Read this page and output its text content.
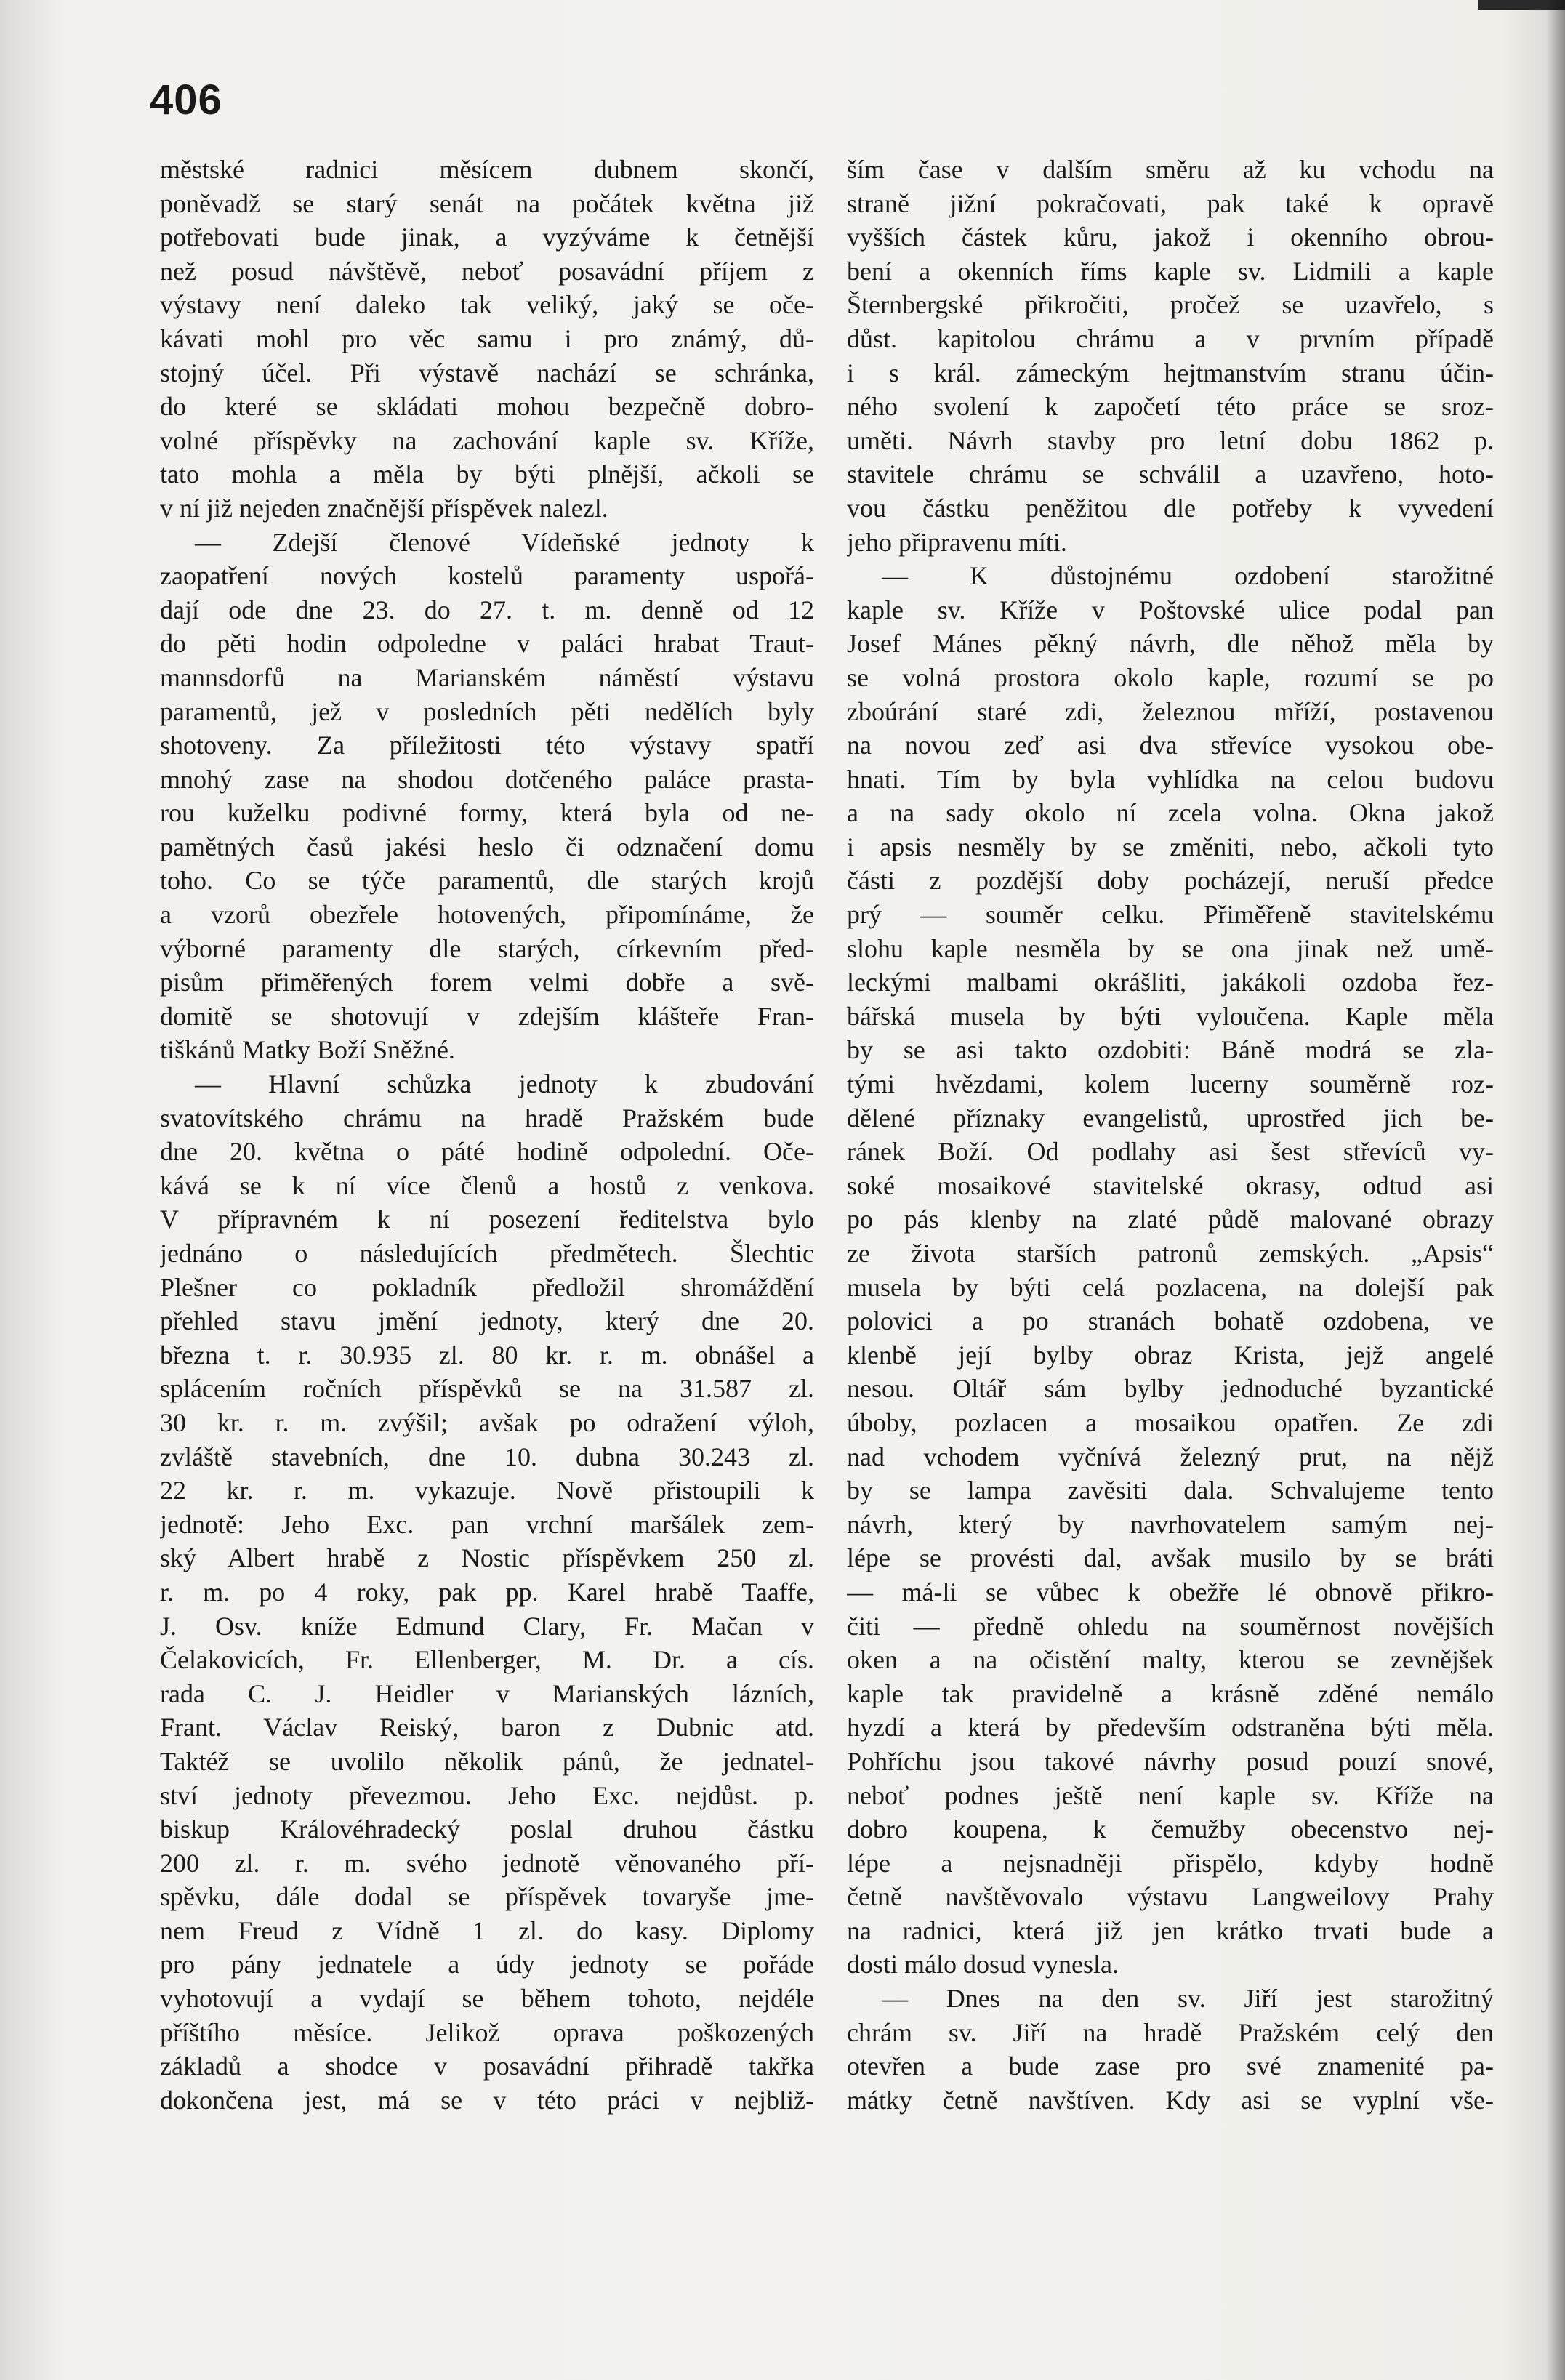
406
městské radnici měsícem dubnem skončí,
poněvadž se starý senát na počátek května již
potřebovati bude jinak, a vyzýváme k četnější
než posud návštěvě, neboť posavádní příjem z
výstavy není daleko tak veliký, jaký se oče-
kávati mohl pro věc samu i pro známý, dů-
stojný účel. Při výstavě nachází se schránka,
do které se skládati mohou bezpečně dobro-
volné příspěvky na zachování kaple sv. Kříže,
tato mohla a měla by býti plnější, ačkoli se
v ní již nejeden značnější příspěvek nalezl.
— Zdejší členové Vídeňské jednoty k
zaopatření nových kostelů paramenty uspořá-
dají ode dne 23. do 27. t. m. denně od 12
do pěti hodin odpoledne v paláci hrabat Traut-
mannsdorfů na Marianském náměstí výstavu
paramentů, jež v posledních pěti nedělích byly
shotoveny. Za příležitosti této výstavy spatří
mnohý zase na shodou dotčeného paláce prasta-
rou kuželku podivné formy, která byla od ne-
pamětných časů jakési heslo či odznačení domu
toho. Co se týče paramentů, dle starých krojů
a vzorů obezřele hotovených, připomínáme, že
výborné paramenty dle starých, církevním před-
pisům přiměřených forem velmi dobře a svě-
domitě se shotovují v zdejším klášteře Fran-
tiškánů Matky Boží Sněžné.
— Hlavní schůzka jednoty k zbudování
svatovítského chrámu na hradě Pražském bude
dne 20. května o páté hodině odpolední. Oče-
kává se k ní více členů a hostů z venkova.
V přípravném k ní posezení ředitelstva bylo
jednáno o následujících předmětech. Šlechtic
Plešner co pokladník předložil shromáždění
přehled stavu jmění jednoty, který dne 20.
března t. r. 30.935 zl. 80 kr. r. m. obnášel a
splácením ročních příspěvků se na 31.587 zl.
30 kr. r. m. zvýšil; avšak po odražení výloh,
zvláště stavebních, dne 10. dubna 30.243 zl.
22 kr. r. m. vykazuje. Nově přistoupili k
jednotě: Jeho Exc. pan vrchní maršálek zem-
ský Albert hrabě z Nostic příspěvkem 250 zl.
r. m. po 4 roky, pak pp. Karel hrabě Taaffe,
J. Osv. kníže Edmund Clary, Fr. Mačan v
Čelakovicích, Fr. Ellenberger, M. Dr. a cís.
rada C. J. Heidler v Marianských lázních,
Frant. Václav Reiský, baron z Dubnic atd.
Taktéž se uvolilo několik pánů, že jednatel-
ství jednoty převezmou. Jeho Exc. nejdůst. p.
biskup Královéhradecký poslal druhou částku
200 zl. r. m. svého jednotě věnovaného pří-
spěvku, dále dodal se příspěvek tovaryše jme-
nem Freud z Vídně 1 zl. do kasy. Diplomy
pro pány jednatele a údy jednoty se pořáde
vyhotovují a vydají se během tohoto, nejdéle
příštího měsíce. Jelikož oprava poškozených
základů a shodce v posavádní přihradě takřka
dokončena jest, má se v této práci v nejbliž-
ším čase v dalším směru až ku vchodu na
straně jižní pokračovati, pak také k opravě
vyšších částek kůru, jakož i okenního obrou-
bení a okenních říms kaple sv. Lidmili a kaple
Šternbergské přikročiti, pročež se uzavřelo, s
důst. kapitolou chrámu a v prvním případě
i s král. zámeckým hejtmanstvím stranu účin-
ného svolení k započetí této práce se sroz-
uměti. Návrh stavby pro letní dobu 1862 p.
stavitele chrámu se schválil a uzavřeno, hoto-
vou částku peněžitou dle potřeby k vyvedení
jeho připravenu míti.
— K důstojnému ozdobení starožitné
kaple sv. Kříže v Poštovské ulice podal pan
Josef Mánes pěkný návrh, dle něhož měla by
se volná prostora okolo kaple, rozumí se po
zboúrání staré zdi, železnou mříží, postavenou
na novou zeď asi dva střevíce vysokou obe-
hnati. Tím by byla vyhlídka na celou budovu
a na sady okolo ní zcela volna. Okna jakož
i apsis nesměly by se změniti, nebo, ačkoli tyto
části z pozdější doby pocházejí, neruší předce
prý — souměr celku. Přiměřeně stavitelskému
slohu kaple nesměla by se ona jinak než umě-
leckými malbami okrášliti, jakákoli ozdoba řez-
bářská musela by býti vyloučena. Kaple měla
by se asi takto ozdobiti: Báně modrá se zla-
tými hvězdami, kolem lucerny souměrně roz-
dělené příznaky evangelistů, uprostřed jich be-
ránek Boží. Od podlahy asi šest střevíců vy-
soké mosaikové stavitelské okrasy, odtud asi
po pás klenby na zlaté půdě malované obrazy
ze života starších patronů zemských. „Apsis“
musela by býti celá pozlacena, na dolejší pak
polovici a po stranách bohatě ozdobena, ve
klenbě její bylby obraz Krista, jejž angelé
nesou. Oltář sám bylby jednoduché byzantické
úboby, pozlacen a mosaikou opatřen. Ze zdi
nad vchodem vyčnívá železný prut, na nějž
by se lampa zavěsiti dala. Schvalujeme tento
návrh, který by navrhovatelem samým nej-
lépe se provésti dal, avšak musilo by se bráti
— má-li se vůbec k obežře lé obnově přikro-
čiti — předně ohledu na souměrnost novějších
oken a na očistění malty, kterou se zevnějšek
kaple tak pravidelně a krásně zděné nemálo
hyzdí a která by především odstraněna býti měla.
Pohříchu jsou takové návrhy posud pouzí snové,
neboť podnes ještě není kaple sv. Kříže na
dobro koupena, k čemužby obecenstvo nej-
lépe a nejsnadněji přispělo, kdyby hodně
četně navštěvovalo výstavu Langweilovy Prahy
na radnici, která již jen krátko trvati bude a
dosti málo dosud vynesla.
— Dnes na den sv. Jiří jest starožitný
chrám sv. Jiří na hradě Pražském celý den
otevřen a bude zase pro své znamenité pa-
mátky četně navštíven. Kdy asi se vyplní vše-
